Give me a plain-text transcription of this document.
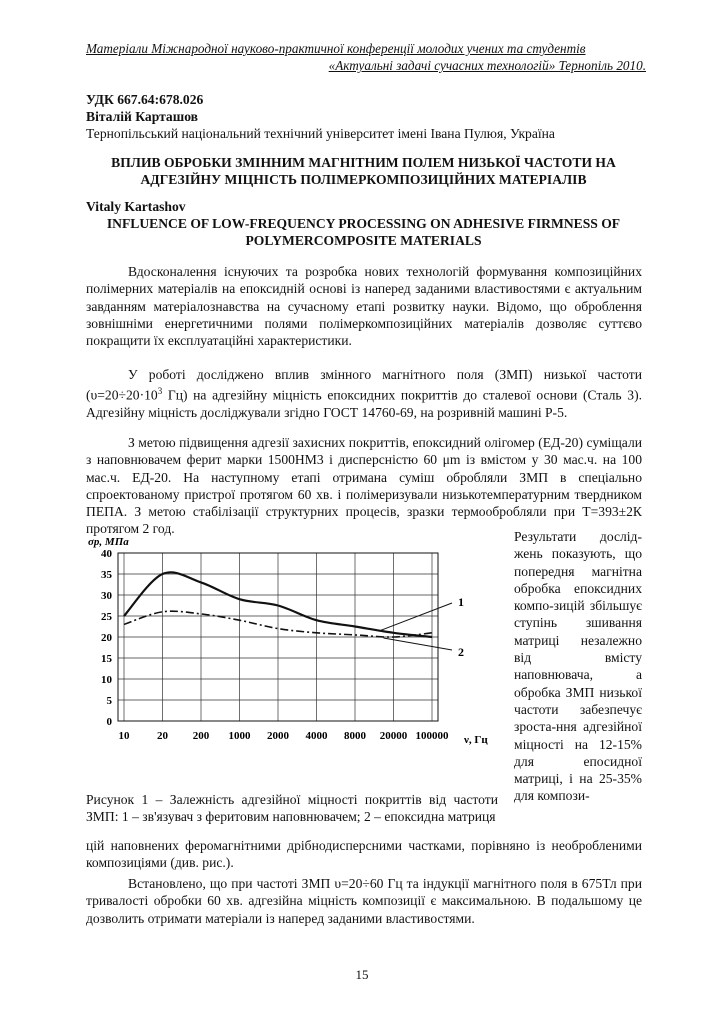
Матеріали Міжнародної науково-практичної конференції молодих учених та студентів
«Актуальні задачі сучасних технологій» Тернопіль 2010.
УДК 667.64:678.026
Віталій Карташов
Тернопільський національний технічний університет імені Івана Пулюя, Україна
ВПЛИВ ОБРОБКИ ЗМІННИМ МАГНІТНИМ ПОЛЕМ НИЗЬКОЇ ЧАСТОТИ НА АДГЕЗІЙНУ МІЦНІСТЬ ПОЛІМЕРКОМПОЗИЦІЙНИХ МАТЕРІАЛІВ
Vitaly Kartashov
INFLUENCE OF LOW-FREQUENCY PROCESSING ON ADHESIVE FIRMNESS OF POLYMERCOMPOSITE MATERIALS
Вдосконалення існуючих та розробка нових технологій формування композиційних полімерних матеріалів на епоксидній основі із наперед заданими властивостями є актуальним завданням матеріалознавства на сучасному етапі розвитку науки. Відомо, що оброблення зовнішніми енергетичними полями полімеркомпозиційних матеріалів дозволяє суттєво покращити їх експлуатаційні характеристики.
У роботі досліджено вплив змінного магнітного поля (ЗМП) низької частоти ($\upsilon=20\div 20\cdot 10^3$ Гц) на адгезійну міцність епоксидних покриттів до сталевої основи (Сталь 3). Адгезійну міцність досліджували згідно ГОСТ 14760-69, на розривній машині Р-5.
З метою підвищення адгезії захисних покриттів, епоксидний олігомер (ЕД-20) суміщали з наповнювачем ферит марки 1500НМ3 і дисперсністю 60 μm із вмістом у 30 мас.ч. на 100 мас.ч. ЕД-20. На наступному етапі отримана суміш обробляли ЗМП в спеціально спроектованому пристрої протягом 60 хв. і полімеризували низькотемпературним твердником ПЕПА. З метою стабілізації структурних процесів, зразки термообробляли при Т=393±2К протягом 2 год.
σр, МПа
0
5
10
15
20
25
30
35
40
10	20 200 1000 2000 4000 8000 20000 100000
1
2
ν, Гц
Результати дослід-жень показують, що попередня магнітна обробка епоксидних компо-зицій збільшує ступінь зшивання матриці незалежно від вмісту наповнювача, а обробка ЗМП низької частоти забезпечує зроста-ння адгезійної міцності на 12-15% для епосидної матриці, і на 25-35% для компози-
Рисунок 1 – Залежність адгезійної міцності покриттів від частоти ЗМП: 1 – зв'язувач з феритовим наповнювачем; 2 – епоксидна матриця
цій наповнених феромагнітними дрібнодисперсними частками, порівняно із необробленими композиціями (див. рис.).
Встановлено, що при частоті ЗМП υ=20÷60 Гц та індукції магнітного поля в 675Тл при тривалості обробки 60 хв. адгезійна міцність композиції є максимальною. В подальшому це дозволить отримати матеріали із наперед заданими властивостями.
15
